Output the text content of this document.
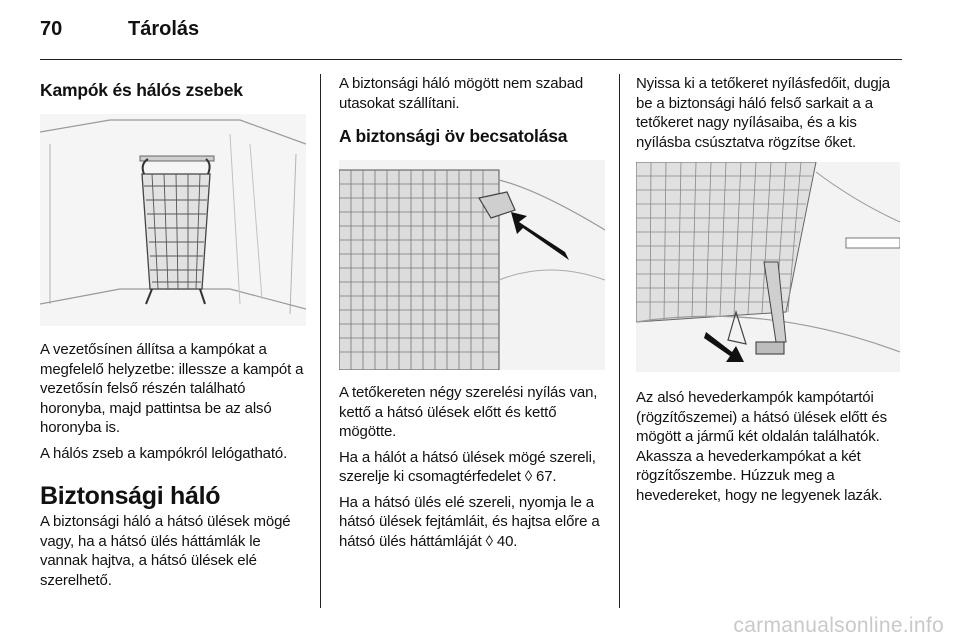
70	Tárolás
Kampók és hálós zsebek

A vezetősínen állítsa a kampókat a megfelelő helyzetbe: illessze a kampót a vezetősín felső részén található horonyba, majd pattintsa be az alsó horonyba is.

A hálós zseb a kampókról lelógatható.

Biztonsági háló

A biztonsági háló a hátsó ülések mögé vagy, ha a hátsó ülés háttámlák le vannak hajtva, a hátsó ülések elé szerelhető.

A biztonsági háló mögött nem szabad utasokat szállítani.

A biztonsági öv becsatolása

A tetőkereten négy szerelési nyílás van, kettő a hátsó ülések előtt és kettő mögötte.

Ha a hálót a hátsó ülések mögé szereli, szerelje ki csomagtérfedelet ◊ 67.

Ha a hátsó ülés elé szereli, nyomja le a hátsó ülések fejtámláit, és hajtsa előre a hátsó ülés háttámláját ◊ 40.

Nyissa ki a tetőkeret nyílásfedőit, dugja be a biztonsági háló felső sarkait a a tetőkeret nagy nyílásaiba, és a kis nyílásba csúsztatva rögzítse őket.

Az alsó hevederkampók kampótartói (rögzítőszemei) a hátsó ülések előtt és mögött a jármű két oldalán találhatók. Akassza a hevederkampókat a két rögzítőszembe. Húzzuk meg a hevedereket, hogy ne legyenek lazák.

carmanualsonline.info
